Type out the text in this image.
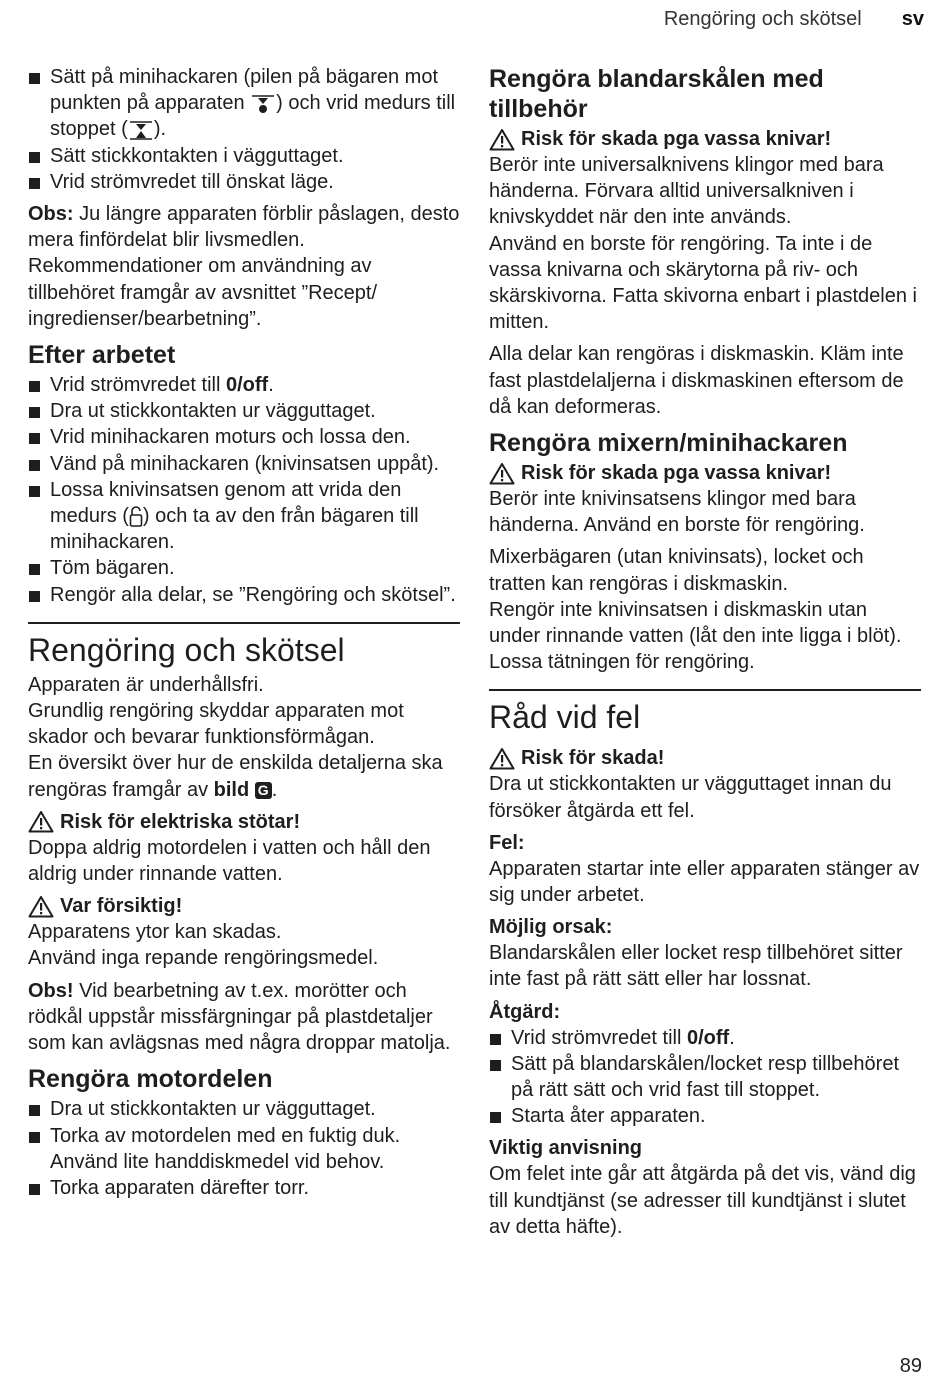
Rengöring och skötsel sv
Sätt på minihackaren (pilen på bägaren mot punkten på apparaten ) och vrid medurs till stoppet ( ).
Sätt stickkontakten i vägguttaget.
Vrid strömvredet till önskat läge.

Obs: Ju längre apparaten förblir påslagen, desto mera finfördelat blir livsmedlen. Rekommendationer om användning av tillbehöret framgår av avsnittet ”Recept/ ingredienser/bearbetning”.

Efter arbetet
Vrid strömvredet till 0/off.
Dra ut stickkontakten ur vägguttaget.
Vrid minihackaren moturs och lossa den.
Vänd på minihackaren (knivinsatsen uppåt).
Lossa knivinsatsen genom att vrida den medurs ( ) och ta av den från bägaren till minihackaren.
Töm bägaren.
Rengör alla delar, se ”Rengöring och skötsel”.
Rengöring och skötsel

Apparaten är underhållsfri.

Grundlig rengöring skyddar apparaten mot skador och bevarar funktionsförmågan.

En översikt över hur de enskilda detaljerna ska rengöras framgår av bild G .

Risk för elektriska stötar!

Doppa aldrig motordelen i vatten och håll den aldrig under rinnande vatten.

Var försiktig!

Apparatens ytor kan skadas.

Använd inga repande rengöringsmedel.

Obs! Vid bearbetning av t.ex. morötter och rödkål uppstår missfärgningar på plastdetaljer som kan avlägsnas med några droppar matolja.

Rengöra motordelen
Dra ut stickkontakten ur vägguttaget.
Torka av motordelen med en fuktig duk. Använd lite handdiskmedel vid behov.
Torka apparaten därefter torr.
Rengöra blandarskålen med tillbehör
Risk för skada pga vassa knivar!

Berör inte universalknivens klingor med bara händerna. Förvara alltid universalkniven i knivskyddet när den inte används.

Använd en borste för rengöring. Ta inte i de vassa knivarna och skärytorna på riv- och skärskivorna. Fatta skivorna enbart i plastdelen i mitten.

Alla delar kan rengöras i diskmaskin. Kläm inte fast plastdelaljerna i diskmaskinen eftersom de då kan deformeras.

Rengöra mixern/minihackaren
Risk för skada pga vassa knivar!

Berör inte knivinsatsens klingor med bara händerna. Använd en borste för rengöring.

Mixerbägaren (utan knivinsats), locket och tratten kan rengöras i diskmaskin.

Rengör inte knivinsatsen i diskmaskin utan under rinnande vatten (låt den inte ligga i blöt). Lossa tätningen för rengöring.

Råd vid fel
Risk för skada!

Dra ut stickkontakten ur vägguttaget innan du försöker åtgärda ett fel.

Fel:

Apparaten startar inte eller apparaten stänger av sig under arbetet.

Möjlig orsak:

Blandarskålen eller locket resp tillbehöret sitter inte fast på rätt sätt eller har lossnat.

Åtgärd:
Vrid strömvredet till 0/off.
Sätt på blandarskålen/locket resp tillbehöret på rätt sätt och vrid fast till stoppet.
Starta åter apparaten.
Viktig anvisning

Om felet inte går att åtgärda på det vis, vänd dig till kundtjänst (se adresser till kundtjänst i slutet av detta häfte).

89
